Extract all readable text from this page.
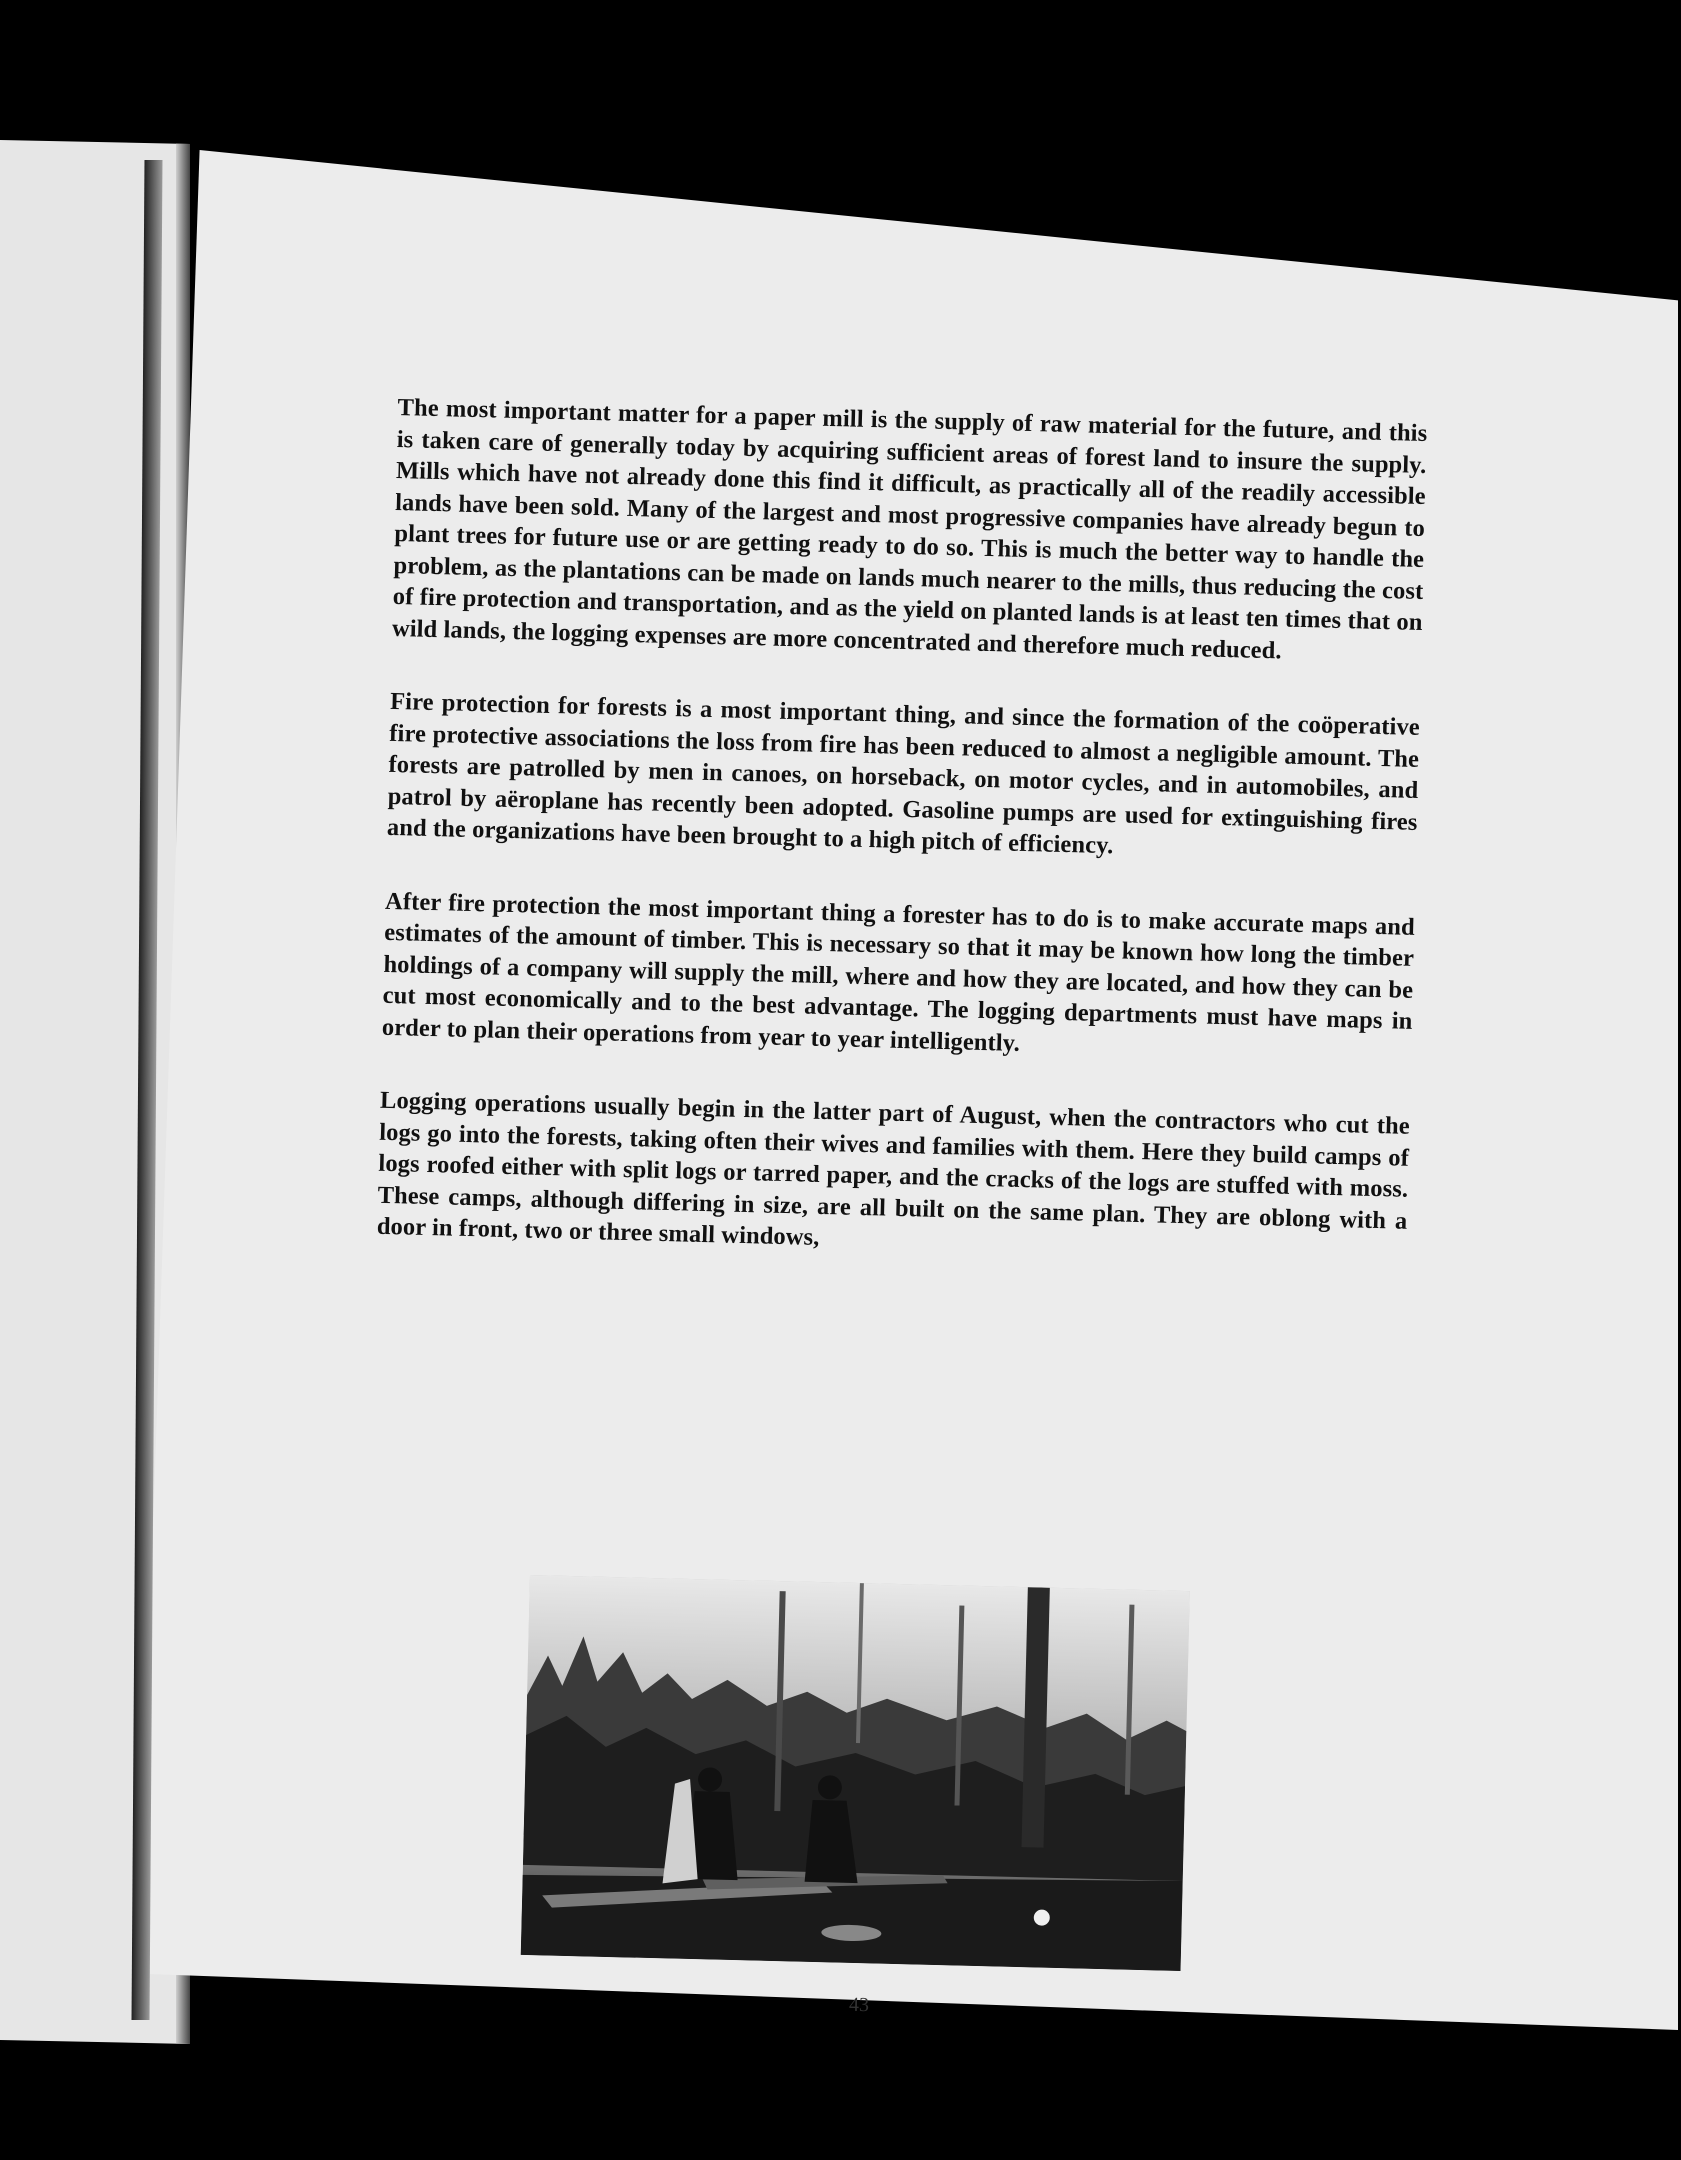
The most important matter for a paper mill is the supply of raw material for the future, and this is taken care of generally today by acquiring sufficient areas of forest land to insure the supply. Mills which have not already done this find it difficult, as practically all of the readily accessible lands have been sold. Many of the largest and most progressive companies have already begun to plant trees for future use or are getting ready to do so. This is much the better way to handle the problem, as the plantations can be made on lands much nearer to the mills, thus reducing the cost of fire protection and transportation, and as the yield on planted lands is at least ten times that on wild lands, the logging expenses are more concentrated and therefore much reduced.

Fire protection for forests is a most important thing, and since the formation of the coöperative fire protective associations the loss from fire has been reduced to almost a negligible amount. The forests are patrolled by men in canoes, on horseback, on motor cycles, and in automobiles, and patrol by aëroplane has recently been adopted. Gasoline pumps are used for extinguishing fires and the organizations have been brought to a high pitch of efficiency.

After fire protection the most important thing a forester has to do is to make accurate maps and estimates of the amount of timber. This is necessary so that it may be known how long the timber holdings of a company will supply the mill, where and how they are located, and how they can be cut most economically and to the best advantage. The logging departments must have maps in order to plan their operations from year to year intelligently.

Logging operations usually begin in the latter part of August, when the contractors who cut the logs go into the forests, taking often their wives and families with them. Here they build camps of logs roofed either with split logs or tarred paper, and the cracks of the logs are stuffed with moss. These camps, although differing in size, are all built on the same plan. They are oblong with a door in front, two or three small windows,

43
